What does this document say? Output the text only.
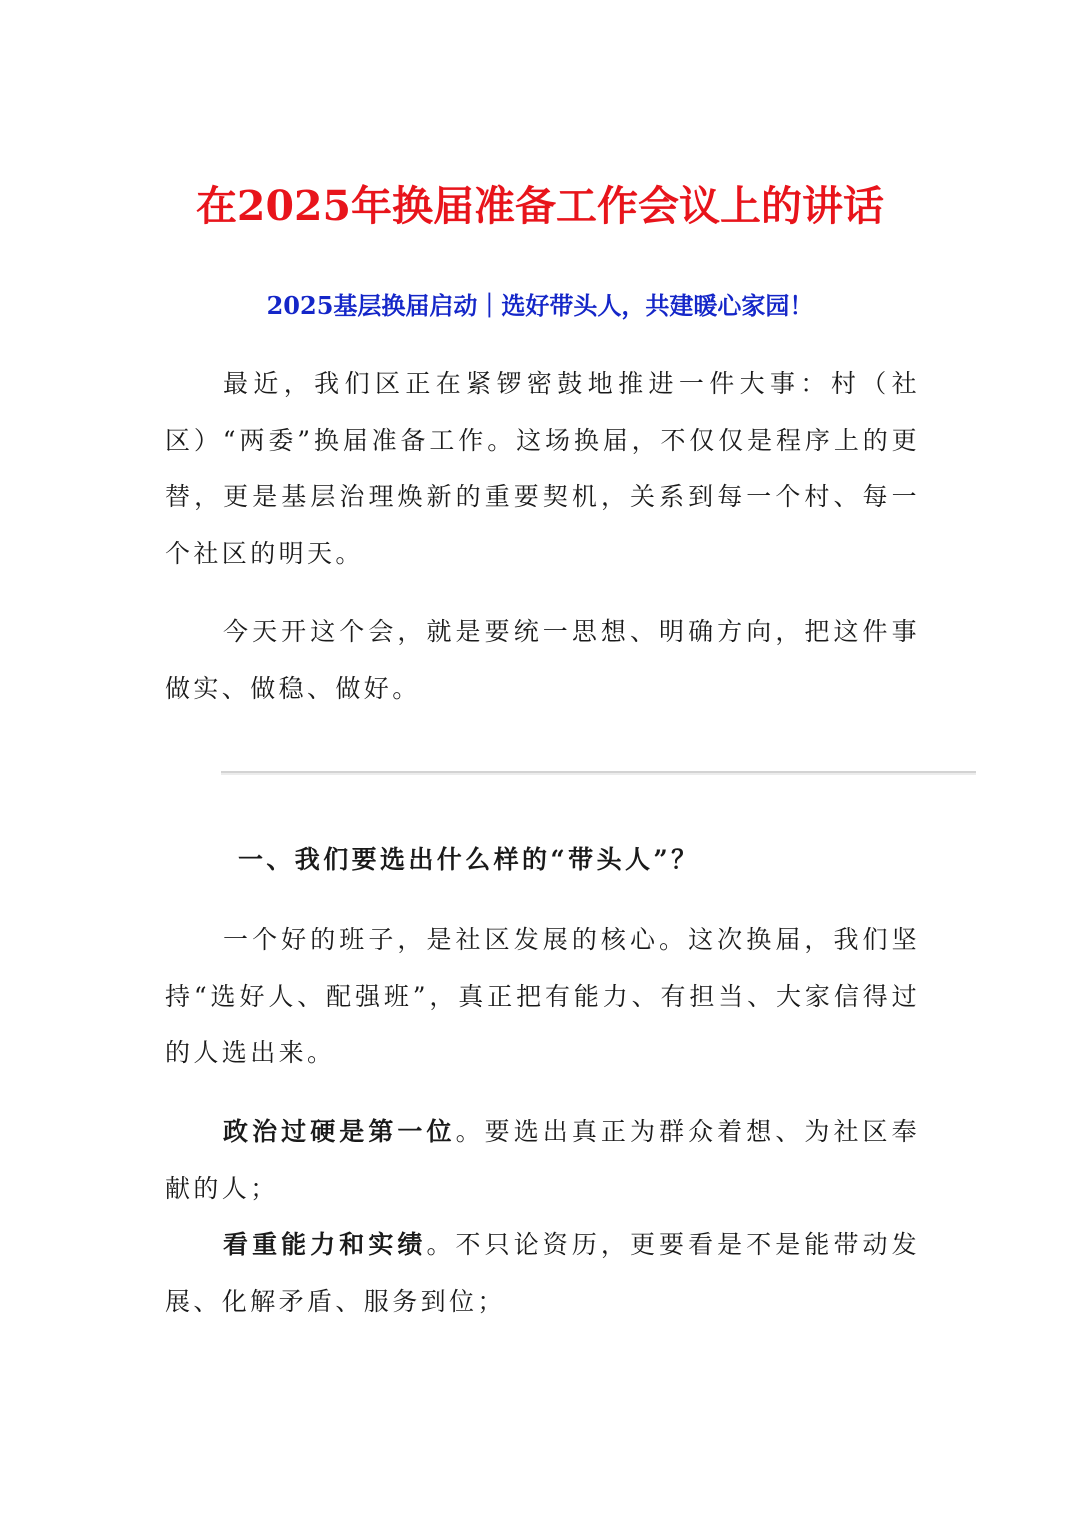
在2025年换届准备工作会议上的讲话
2025基层换届启动｜选好带头人，共建暖心家园！

最近，我们区正在紧锣密鼓地推进一件大事：村（社区）“两委”换届准备工作。这场换届，不仅仅是程序上的更替，更是基层治理焕新的重要契机，关系到每一个村、每一个社区的明天。

今天开这个会，就是要统一思想、明确方向，把这件事做实、做稳、做好。

一、我们要选出什么样的“带头人”？

一个好的班子，是社区发展的核心。这次换届，我们坚持“选好人、配强班”，真正把有能力、有担当、大家信得过的人选出来。

政治过硬是第一位。要选出真正为群众着想、为社区奉献的人；

看重能力和实绩。不只论资历，更要看是不是能带动发展、化解矛盾、服务到位；
